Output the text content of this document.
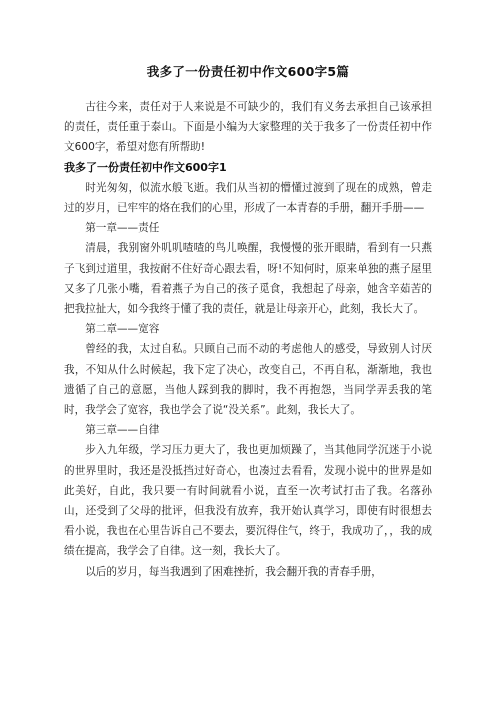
我多了一份责任初中作文600字5篇

古往今来，责任对于人来说是不可缺少的，我们有义务去承担自己该承担的责任，责任重于泰山。下面是小编为大家整理的关于我多了一份责任初中作文600字，希望对您有所帮助!

我多了一份责任初中作文600字1

时光匆匆，似流水般飞逝。我们从当初的懵懂过渡到了现在的成熟，曾走过的岁月，已牢牢的烙在我们的心里，形成了一本青春的手册，翻开手册——

第一章——责任

清晨，我别窗外叽叽喳喳的鸟儿唤醒，我慢慢的张开眼睛，看到有一只燕子飞到过道里，我按耐不住好奇心跟去看，呀!不知何时，原来单独的燕子屋里又多了几张小嘴，看着燕子为自己的孩子觅食，我想起了母亲，她含辛茹苦的把我拉扯大，如今我终于懂了我的责任，就是让母亲开心，此刻，我长大了。

第二章——宽容

曾经的我，太过自私。只顾自己而不动的考虑他人的感受，导致别人讨厌我，不知从什么时候起，我下定了决心，改变自己，不再自私，渐渐地，我也遗循了自己的意愿，当他人踩到我的脚时，我不再抱怨，当同学弄丢我的笔时，我学会了宽容，我也学会了说“没关系”。此刻，我长大了。

第三章——自律

步入九年级，学习压力更大了，我也更加烦躁了，当其他同学沉迷于小说的世界里时，我还是没抵挡过好奇心，也凑过去看看，发现小说中的世界是如此美好，自此，我只要一有时间就看小说，直至一次考试打击了我。名落孙山，还受到了父母的批评，但我没有放弃，我开始认真学习，即使有时很想去看小说，我也在心里告诉自己不要去，要沉得住气，终于，我成功了，，我的成绩在提高，我学会了自律。这一刻，我长大了。

以后的岁月，每当我遇到了困难挫折，我会翻开我的青春手册，
